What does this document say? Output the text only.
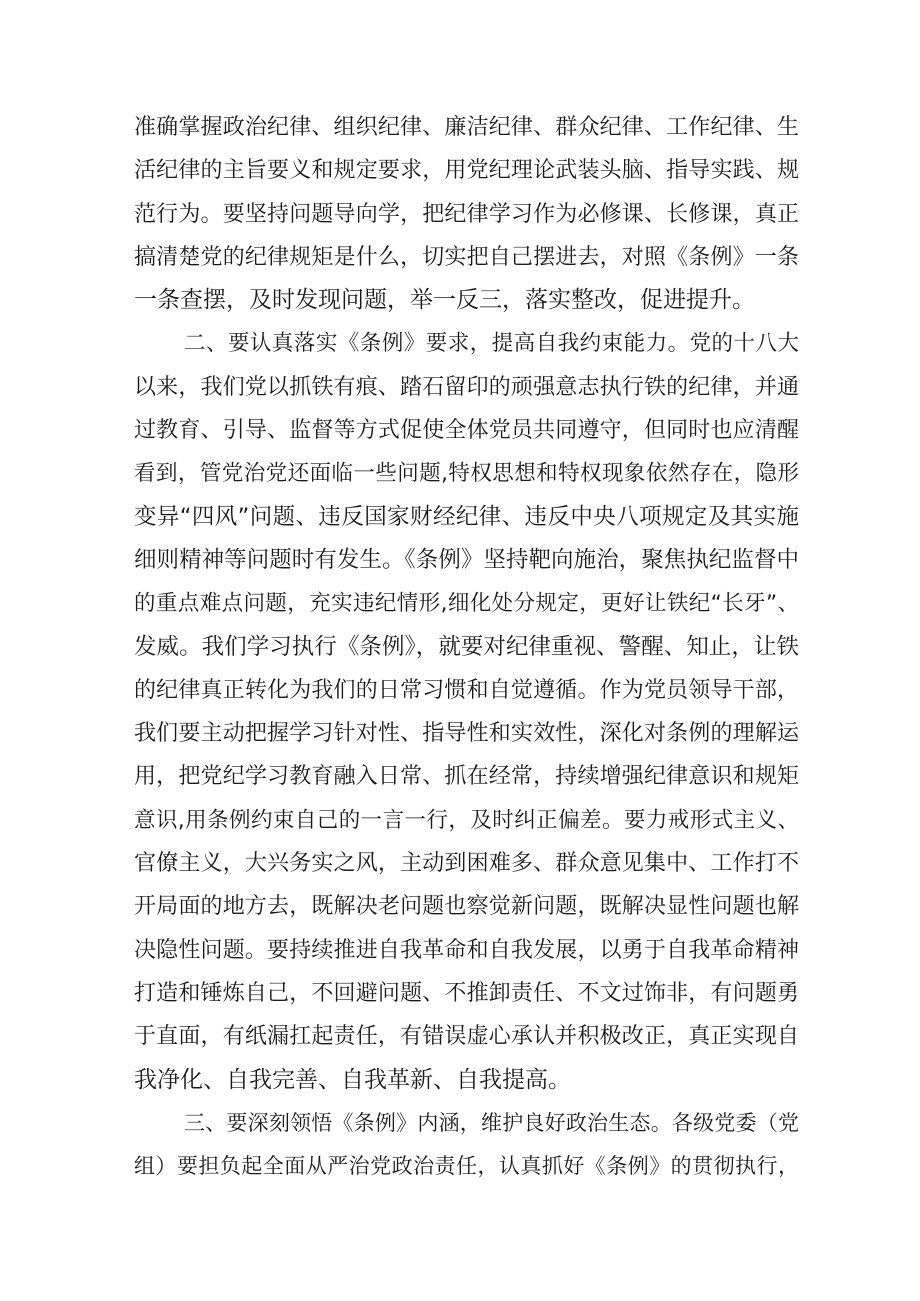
准确掌握政治纪律、组织纪律、廉洁纪律、群众纪律、工作纪律、生
活纪律的主旨要义和规定要求，用党纪理论武装头脑、指导实践、规
范行为。要坚持问题导向学，把纪律学习作为必修课、长修课，真正
搞清楚党的纪律规矩是什么，切实把自己摆进去，对照《条例》一条
一条查摆，及时发现问题，举一反三，落实整改，促进提升。
二、要认真落实《条例》要求，提高自我约束能力。党的十八大
以来，我们党以抓铁有痕、踏石留印的顽强意志执行铁的纪律，并通
过教育、引导、监督等方式促使全体党员共同遵守，但同时也应清醒
看到，管党治党还面临一些问题,特权思想和特权现象依然存在，隐形
变异“四风”问题、违反国家财经纪律、违反中央八项规定及其实施
细则精神等问题时有发生。《条例》坚持靶向施治，聚焦执纪监督中
的重点难点问题，充实违纪情形,细化处分规定，更好让铁纪“长牙”、
发威。我们学习执行《条例》，就要对纪律重视、警醒、知止，让铁
的纪律真正转化为我们的日常习惯和自觉遵循。作为党员领导干部，
我们要主动把握学习针对性、指导性和实效性，深化对条例的理解运
用，把党纪学习教育融入日常、抓在经常，持续增强纪律意识和规矩
意识,用条例约束自己的一言一行，及时纠正偏差。要力戒形式主义、
官僚主义，大兴务实之风，主动到困难多、群众意见集中、工作打不
开局面的地方去，既解决老问题也察觉新问题，既解决显性问题也解
决隐性问题。要持续推进自我革命和自我发展，以勇于自我革命精神
打造和锤炼自己，不回避问题、不推卸责任、不文过饰非，有问题勇
于直面，有纸漏扛起责任，有错误虚心承认并积极改正，真正实现自
我净化、自我完善、自我革新、自我提高。
三、要深刻领悟《条例》内涵，维护良好政治生态。各级党委（党
组）要担负起全面从严治党政治责任，认真抓好《条例》的贯彻执行，
